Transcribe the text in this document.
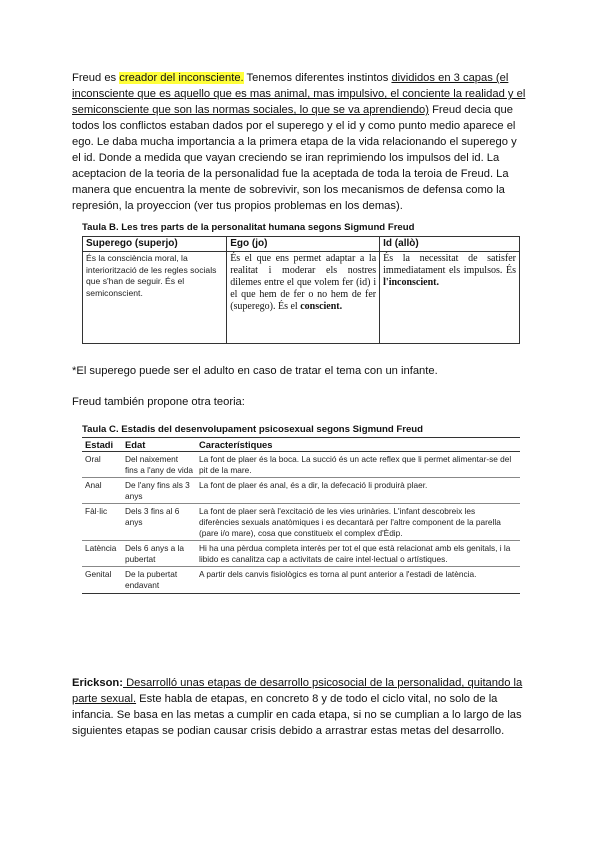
Freud es creador del inconsciente. Tenemos diferentes instintos divididos en 3 capas (el inconsciente que es aquello que es mas animal, mas impulsivo, el conciente la realidad y el semiconsciente que son las normas sociales, lo que se va aprendiendo) Freud decia que todos los conflictos estaban dados por el superego y el id y como punto medio aparece el ego. Le daba mucha importancia a la primera etapa de la vida relacionando el superego y el id. Donde a medida que vayan creciendo se iran reprimiendo los impulsos del id. La aceptacion de la teoria de la personalidad fue la aceptada de toda la teroia de Freud. La manera que encuentra la mente de sobrevivir, son los mecanismos de defensa como la represión, la proyeccion (ver tus propios problemas en los demas).

Taula B. Les tres parts de la personalitat humana segons Sigmund Freud

Superego (superjo)	Ego (jo)	Id (allò)
És la consciència moral, la interiorització de les regles socials que s'han de seguir. És el semiconscient.	És el que ens permet adaptar a la realitat i moderar els nostres dilemes entre el que volem fer (id) i el que hem de fer o no hem de fer (superego). És el conscient.	És la necessitat de satisfer immediatament els impulsos. És l'inconscient.

*El superego puede ser el adulto en caso de tratar el tema con un infante.

Freud también propone otra teoria:

Taula C. Estadis del desenvolupament psicosexual segons Sigmund Freud

Estadi	Edat	Característiques
Oral	Del naixement fins a l'any de vida	La font de plaer és la boca. La succió és un acte reflex que li permet alimentar-se del pit de la mare.
Anal	De l'any fins als 3 anys	La font de plaer és anal, és a dir, la defecació li produirà plaer.
Fàl·lic	Dels 3 fins al 6 anys	La font de plaer serà l'excitació de les vies urinàries. L'infant descobreix les diferències sexuals anatòmiques i es decantarà per l'altre component de la parella (pare i/o mare), cosa que constitueix el complex d'Èdip.
Latència	Dels 6 anys a la pubertat	Hi ha una pèrdua completa interès per tot el que està relacionat amb els genitals, i la libido es canalitza cap a activitats de caire intel·lectual o artístiques.
Genital	De la pubertat endavant	A partir dels canvis fisiològics es torna al punt anterior a l'estadi de latència.

Erickson: Desarrolló unas etapas de desarrollo psicosocial de la personalidad, quitando la parte sexual. Este habla de etapas, en concreto 8 y de todo el ciclo vital, no solo de la infancia. Se basa en las metas a cumplir en cada etapa, si no se cumplian a lo largo de las siguientes etapas se podian causar crisis debido a arrastrar estas metas del desarrollo.
